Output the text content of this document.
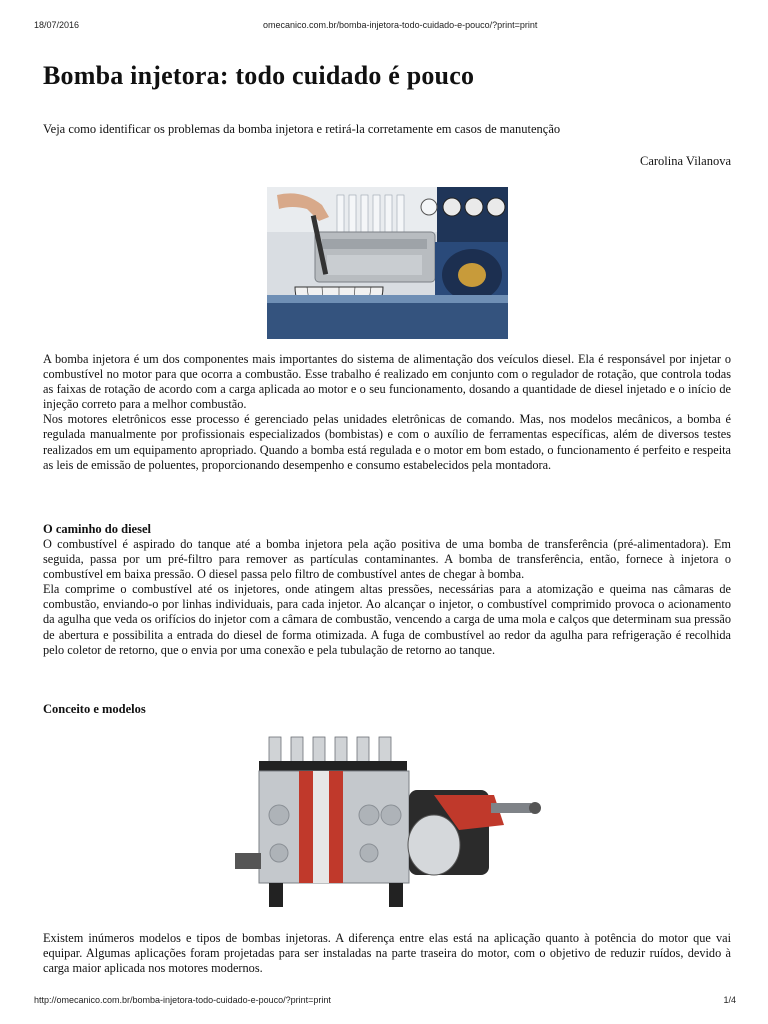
18/07/2016	omecanico.com.br/bomba-injetora-todo-cuidado-e-pouco/?print=print
Bomba injetora: todo cuidado é pouco
Veja como identificar os problemas da bomba injetora e retirá-la corretamente em casos de manutenção
Carolina Vilanova

A bomba injetora é um dos componentes mais importantes do sistema de alimentação dos veículos diesel. Ela é responsável por injetar o combustível no motor para que ocorra a combustão. Esse trabalho é realizado em conjunto com o regulador de rotação, que controla todas as faixas de rotação de acordo com a carga aplicada ao motor e o seu funcionamento, dosando a quantidade de diesel injetado e o início de injeção correto para a melhor combustão.

Nos motores eletrônicos esse processo é gerenciado pelas unidades eletrônicas de comando. Mas, nos modelos mecânicos, a bomba é regulada manualmente por profissionais especializados (bombistas) e com o auxílio de ferramentas específicas, além de diversos testes realizados em um equipamento apropriado. Quando a bomba está regulada e o motor em bom estado, o funcionamento é perfeito e respeita as leis de emissão de poluentes, proporcionando desempenho e consumo estabelecidos pela montadora.

O caminho do diesel

O combustível é aspirado do tanque até a bomba injetora pela ação positiva de uma bomba de transferência (pré-alimentadora). Em seguida, passa por um pré-filtro para remover as partículas contaminantes. A bomba de transferência, então, fornece à injetora o combustível em baixa pressão. O diesel passa pelo filtro de combustível antes de chegar à bomba.

Ela comprime o combustível até os injetores, onde atingem altas pressões, necessárias para a atomização e queima nas câmaras de combustão, enviando-o por linhas individuais, para cada injetor. Ao alcançar o injetor, o combustível comprimido provoca o acionamento da agulha que veda os orifícios do injetor com a câmara de combustão, vencendo a carga de uma mola e calços que determinam sua pressão de abertura e possibilita a entrada do diesel de forma otimizada. A fuga de combustível ao redor da agulha para refrigeração é recolhida pelo coletor de retorno, que o envia por uma conexão e pela tubulação de retorno ao tanque.

Conceito e modelos

Existem inúmeros modelos e tipos de bombas injetoras. A diferença entre elas está na aplicação quanto à potência do motor que vai equipar. Algumas aplicações foram projetadas para ser instaladas na parte traseira do motor, com o objetivo de reduzir ruídos, devido à carga maior aplicada nos motores modernos.

http://omecanico.com.br/bomba-injetora-todo-cuidado-e-pouco/?print=print	1/4
